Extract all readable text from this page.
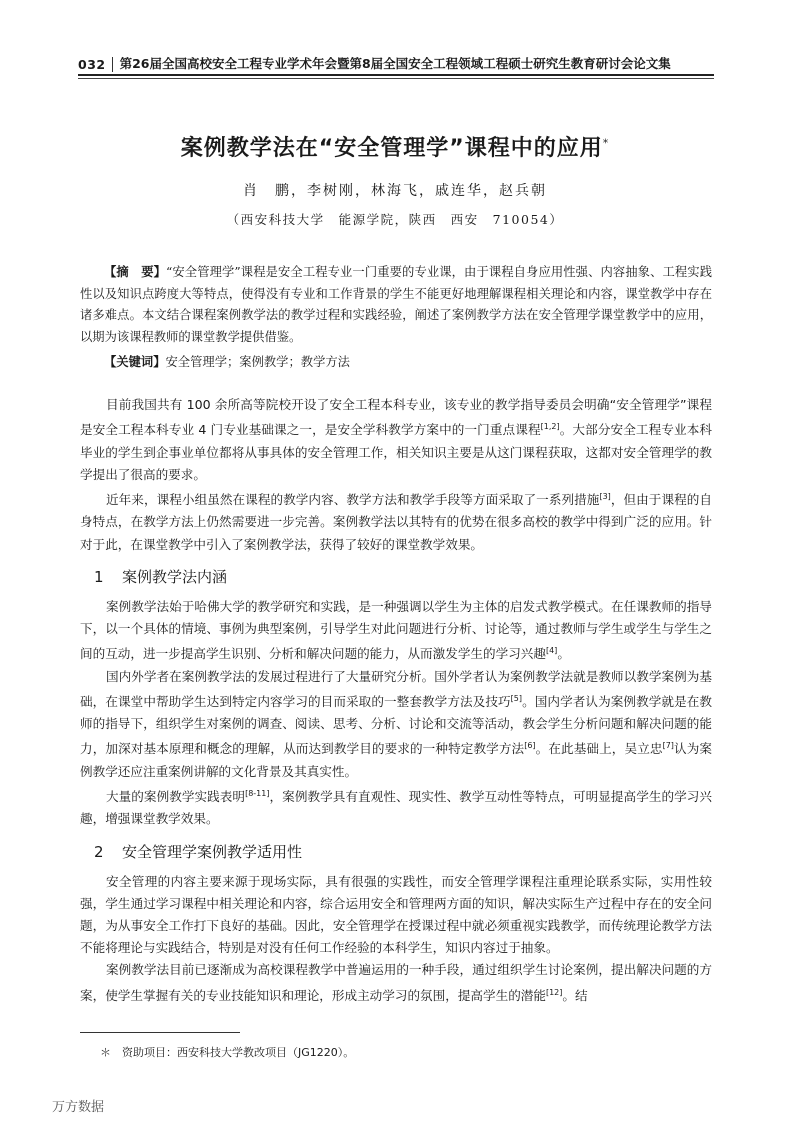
032	第26届全国高校安全工程专业学术年会暨第8届全国安全工程领域工程硕士研究生教育研讨会论文集
案例教学法在“安全管理学”课程中的应用*
肖　鹏，李树刚，林海飞，戚连华，赵兵朝
（西安科技大学　能源学院，陕西　西安　710054）
【摘　要】“安全管理学”课程是安全工程专业一门重要的专业课，由于课程自身应用性强、内容抽象、工程实践性以及知识点跨度大等特点，使得没有专业和工作背景的学生不能更好地理解课程相关理论和内容，课堂教学中存在诸多难点。本文结合课程案例教学法的教学过程和实践经验，阐述了案例教学方法在安全管理学课堂教学中的应用，以期为该课程教师的课堂教学提供借鉴。
【关键词】安全管理学；案例教学；教学方法

目前我国共有 100 余所高等院校开设了安全工程本科专业，该专业的教学指导委员会明确“安全管理学”课程是安全工程本科专业 4 门专业基础课之一，是安全学科教学方案中的一门重点课程[1,2]。大部分安全工程专业本科毕业的学生到企事业单位都将从事具体的安全管理工作，相关知识主要是从这门课程获取，这都对安全管理学的教学提出了很高的要求。

近年来，课程小组虽然在课程的教学内容、教学方法和教学手段等方面采取了一系列措施[3]，但由于课程的自身特点，在教学方法上仍然需要进一步完善。案例教学法以其特有的优势在很多高校的教学中得到广泛的应用。针对于此，在课堂教学中引入了案例教学法，获得了较好的课堂教学效果。

1 案例教学法内涵

案例教学法始于哈佛大学的教学研究和实践，是一种强调以学生为主体的启发式教学模式。在任课教师的指导下，以一个具体的情境、事例为典型案例，引导学生对此问题进行分析、讨论等，通过教师与学生或学生与学生之间的互动，进一步提高学生识别、分析和解决问题的能力，从而激发学生的学习兴趣[4]。

国内外学者在案例教学法的发展过程进行了大量研究分析。国外学者认为案例教学法就是教师以教学案例为基础，在课堂中帮助学生达到特定内容学习的目而采取的一整套教学方法及技巧[5]。国内学者认为案例教学就是在教师的指导下，组织学生对案例的调查、阅读、思考、分析、讨论和交流等活动，教会学生分析问题和解决问题的能力，加深对基本原理和概念的理解，从而达到教学目的要求的一种特定教学方法[6]。在此基础上，吴立忠[7]认为案例教学还应注重案例讲解的文化背景及其真实性。

大量的案例教学实践表明[8-11]，案例教学具有直观性、现实性、教学互动性等特点，可明显提高学生的学习兴趣，增强课堂教学效果。

2 安全管理学案例教学适用性

安全管理的内容主要来源于现场实际，具有很强的实践性，而安全管理学课程注重理论联系实际，实用性较强，学生通过学习课程中相关理论和内容，综合运用安全和管理两方面的知识，解决实际生产过程中存在的安全问题，为从事安全工作打下良好的基础。因此，安全管理学在授课过程中就必须重视实践教学，而传统理论教学方法不能将理论与实践结合，特别是对没有任何工作经验的本科学生，知识内容过于抽象。

案例教学法目前已逐渐成为高校课程教学中普遍运用的一种手段，通过组织学生讨论案例，提出解决问题的方案，使学生掌握有关的专业技能知识和理论，形成主动学习的氛围，提高学生的潜能[12]。结

＊　资助项目：西安科技大学教改项目（JG1220）。
万方数据
